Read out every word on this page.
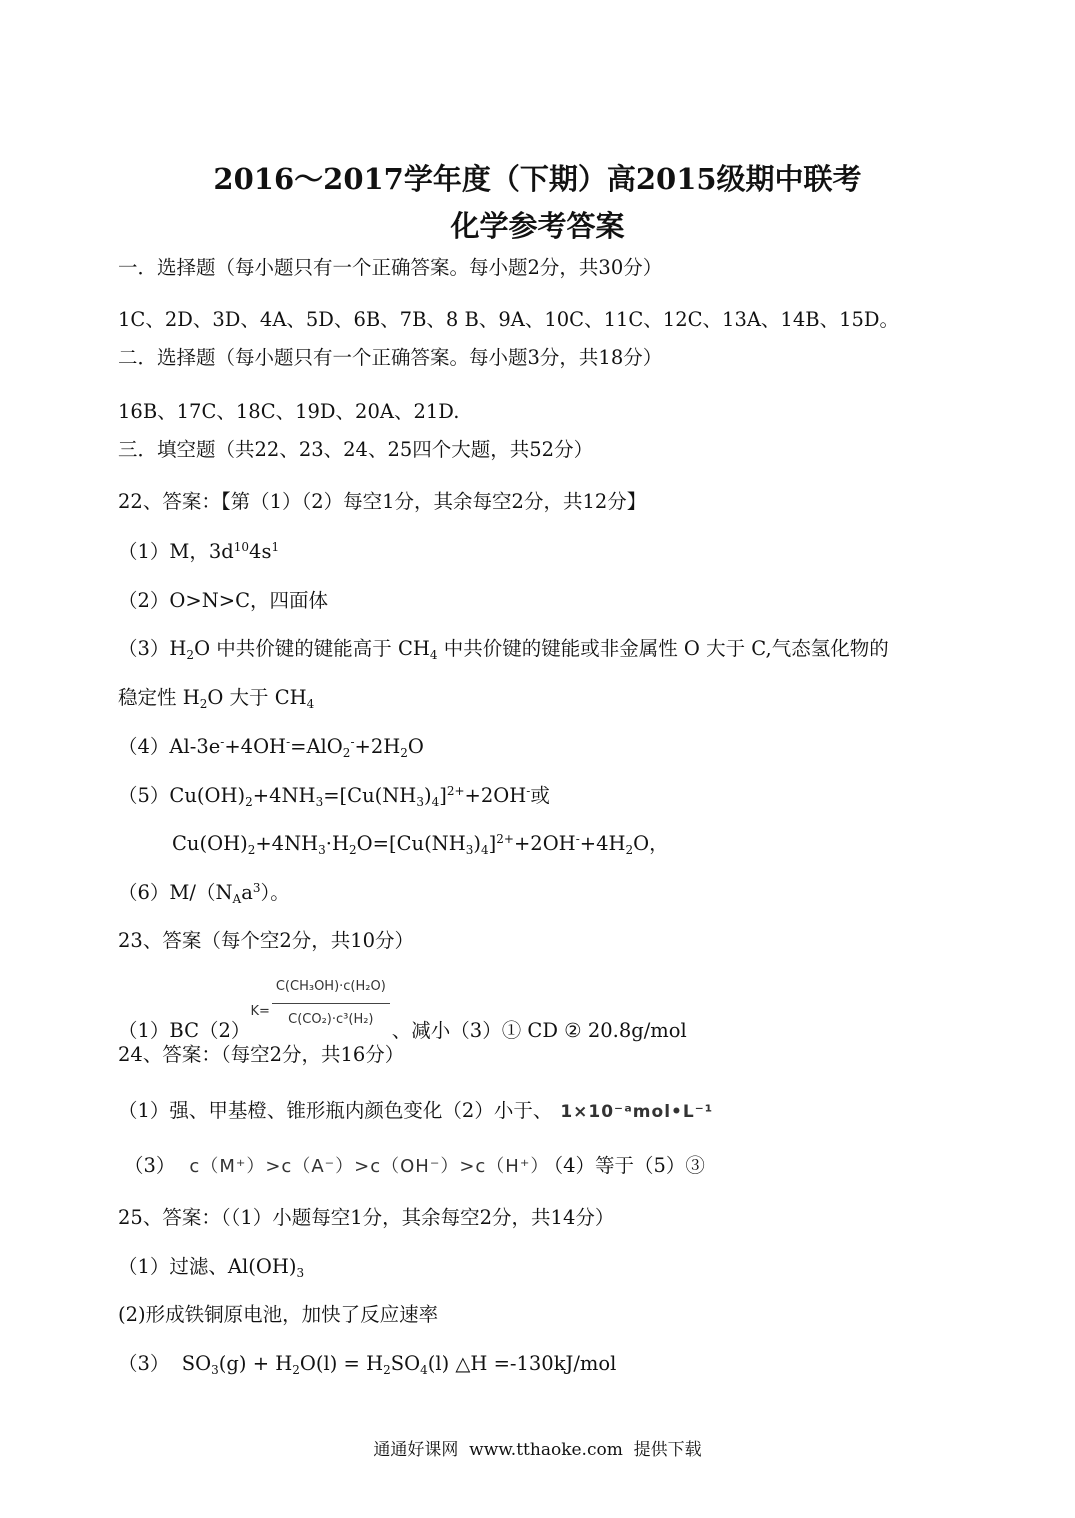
2016～2017学年度（下期）高2015级期中联考
化学参考答案
一．选择题（每小题只有一个正确答案。每小题2分，共30分）
1C、2D、3D、4A、5D、6B、7B、8 B、9A、10C、11C、12C、13A、14B、15D。
二．选择题（每小题只有一个正确答案。每小题3分，共18分）
16B、17C、18C、19D、20A、21D.
三．填空题（共22、23、24、25四个大题，共52分）
22、答案：【第（1）（2）每空1分，其余每空2分，共12分】
（1）M，$3d^{10}4s^1$
（2）O>N>C，四面体
$(3)H_2O$ 中共价键的键能高于 $CH_4$ 中共价键的键能或非金属性 O 大于 C,气态氢化物的
稳定性 $H_2O$ 大于 $CH_4$
$(4)Al-3e^-+4OH^-=AlO_2^-+2H_2O$
$(5)Cu(OH)_2+4NH_3=[Cu(NH_3)_4]^{2+}+2OH^-$或
$Cu(OH)_2+4NH_3\cdot H_2O=[Cu(NH_3)_4]^{2+}+2OH^-+4H_2O$，
$(6)M/(N_Aa^3)$。
23、答案（每个空2分，共10分）
$(1)BC(2)^{K=} \frac{\text{C(CH₃OH)·c(H₂O)}}{\text{C(CO₂)·c³(H₂)}}$ 、减小（3）① CD ② 20.8g/mol
24、答案：（每空2分，共16分）
（1）强、甲基橙、锥形瓶内颜色变化（2）小于、 1×10⁻ᵃmol•L⁻¹
（3） c（M⁺）>c（A⁻）>c（OH⁻）>c（H⁺） （4）等于（5）③
25、答案：（（1）小题每空1分，其余每空2分，共14分）
（1）过滤、$Al(OH)_3$
(2)形成铁铜原电池，加快了反应速率
（3）  $SO_3(g) + H_2O(l) = H_2SO_4(l)$ △H =-130kJ/mol
通通好课网  www.tthaoke.com  提供下载
